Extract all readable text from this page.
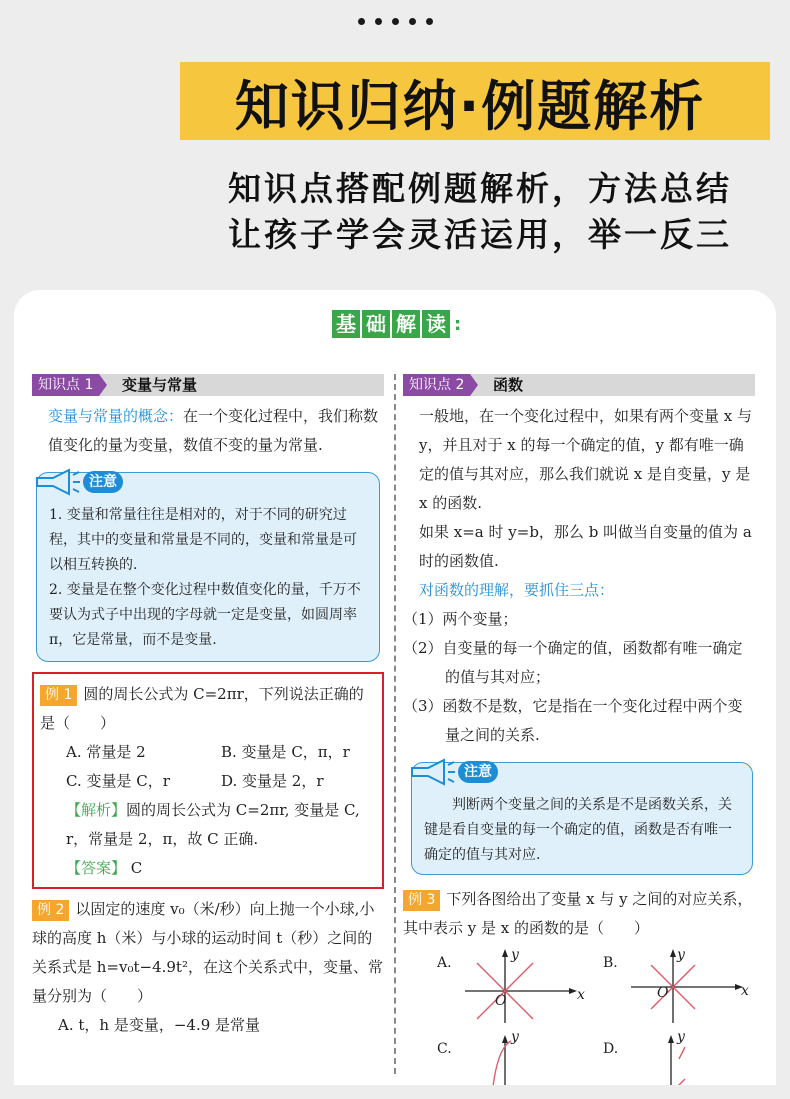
知识归纳·例题解析
知识点搭配例题解析，方法总结
让孩子学会灵活运用，举一反三
基 础 解 读 :
知识点 1	变量与常量
变量与常量的概念：在一个变化过程中，我们称数值变化的量为变量，数值不变的量为常量.
注意
1. 变量和常量往往是相对的，对于不同的研究过程，其中的变量和常量是不同的，变量和常量是可以相互转换的.
2. 变量是在整个变化过程中数值变化的量，千万不要认为式子中出现的字母就一定是变量，如圆周率 π，它是常量，而不是变量.
例 1 圆的周长公式为 C=2πr，下列说法正确的是（　　）
A. 常量是 2	B. 变量是 C，π，r
C. 变量是 C，r	D. 变量是 2，r
【解析】圆的周长公式为 C=2πr, 变量是 C, r，常量是 2，π，故 C 正确.
【答案】 C
例 2 以固定的速度 v₀（米/秒）向上抛一个小球,小球的高度 h（米）与小球的运动时间 t（秒）之间的关系式是 h=v₀t−4.9t²，在这个关系式中，变量、常量分别为（　　）
A. t，h 是变量，−4.9 是常量
知识点 2	函数
一般地，在一个变化过程中，如果有两个变量 x 与 y，并且对于 x 的每一个确定的值，y 都有唯一确定的值与其对应，那么我们就说 x 是自变量，y 是 x 的函数.
如果 x=a 时 y=b，那么 b 叫做当自变量的值为 a 时的函数值.
对函数的理解，要抓住三点：
（1）两个变量；
（2）自变量的每一个确定的值，函数都有唯一确定的值与其对应；
（3）函数不是数，它是指在一个变化过程中两个变量之间的关系.
注意
判断两个变量之间的关系是不是函数关系，关键是看自变量的每一个确定的值，函数是否有唯一确定的值与其对应.
例 3 下列各图给出了变量 x 与 y 之间的对应关系，其中表示 y 是 x 的函数的是（　　）
A.	y
x
O
B.	y
x
O
C.
y
D.
y
